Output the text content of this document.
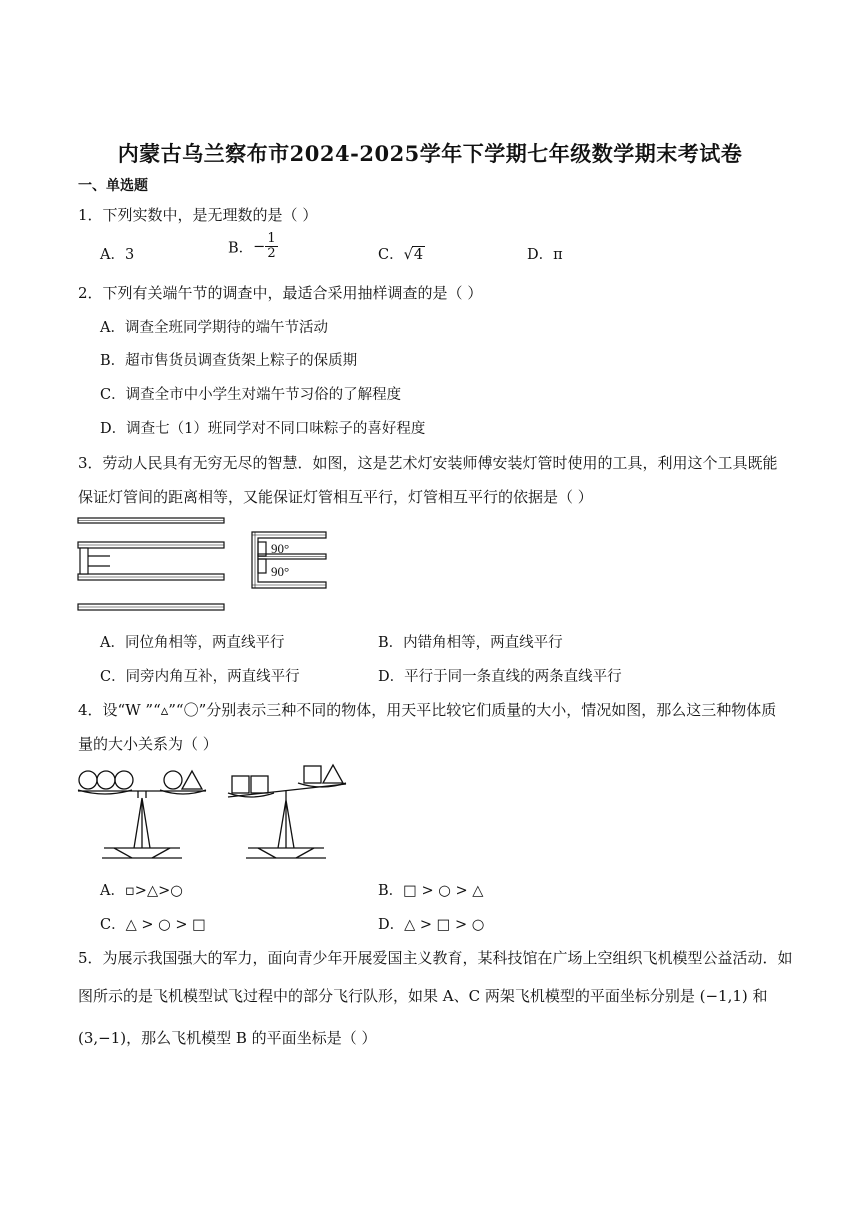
内蒙古乌兰察布市2024-2025学年下学期七年级数学期末考试卷
一、单选题
1．下列实数中，是无理数的是（ ）
A．3	B．− $\frac{1}{2}$	C．√4	D．π
2．下列有关端午节的调查中，最适合采用抽样调查的是（ ）
A．调查全班同学期待的端午节活动
B．超市售货员调查货架上粽子的保质期
C．调查全市中小学生对端午节习俗的了解程度
D．调查七（1）班同学对不同口味粽子的喜好程度
3．劳动人民具有无穷无尽的智慧．如图，这是艺术灯安装师傅安装灯管时使用的工具，利用这个工具既能
保证灯管间的距离相等，又能保证灯管相互平行，灯管相互平行的依据是（ ）
90°
90°
A．同位角相等，两直线平行	B．内错角相等，两直线平行
C．同旁内角互补，两直线平行	D．平行于同一条直线的两条直线平行
4．设“W ”“▵”“〇”分别表示三种不同的物体，用天平比较它们质量的大小，情况如图，那么这三种物体质
量的大小关系为（ ）
A．▫>△>○	B．□ > ○ > △
C．△ > ○ > □	D．△ > □ > ○
5．为展示我国强大的军力，面向青少年开展爱国主义教育，某科技馆在广场上空组织飞机模型公益活动．如
图所示的是飞机模型试飞过程中的部分飞行队形，如果 A、C 两架飞机模型的平面坐标分别是 (−1,1) 和
(3,−1)，那么飞机模型 B 的平面坐标是（ ）
